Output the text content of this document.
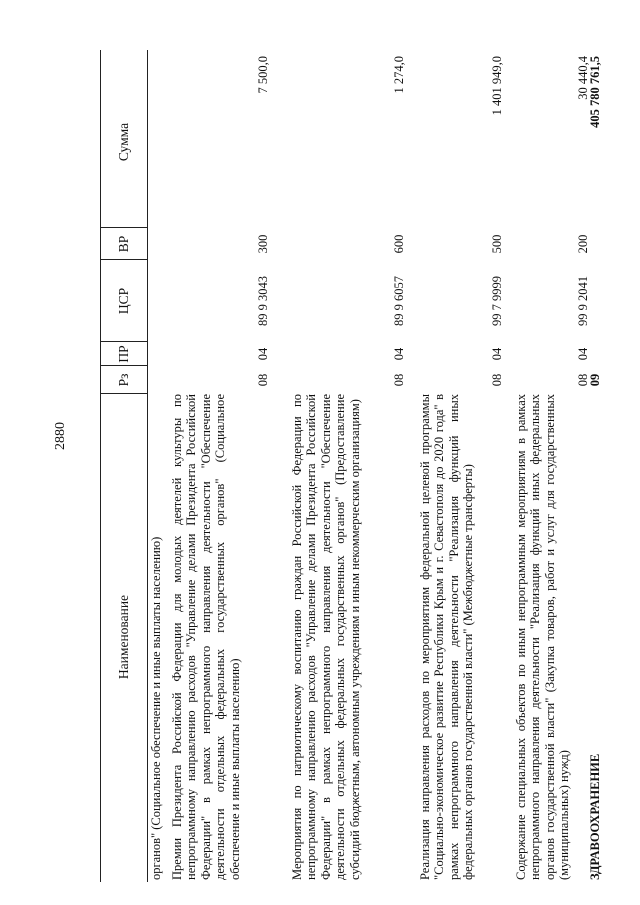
2880
Наименование
Рз
ПР
ЦСР
ВР
Сумма
органов" (Социальное обеспечение и иные выплаты населению) Премии Президента Российской Федерации для молодых деятелей культуры по непрограммному направлению расходов "Управление делами Президента Российской Федерации" в рамках непрограммного направления деятельности "Обеспечение деятельности отдельных федеральных государственных органов" (Социальное обеспечение и иные выплаты населению)
08
04
89 9 3043
300
7 500,0
Мероприятия по патриотическому воспитанию граждан Российской Федерации по непрограммному направлению расходов "Управление делами Президента Российской Федерации" в рамках непрограммного направления деятельности "Обеспечение деятельности отдельных федеральных государственных органов" (Предоставление субсидий бюджетным, автономным учреждениям и иным некоммерческим организациям)
08
04
89 9 6057
600
1 274,0
Реализация направления расходов по мероприятиям федеральной целевой программы "Социально-экономическое развитие Республики Крым и г. Севастополя до 2020 года" в рамках непрограммного направления деятельности "Реализация функций иных федеральных органов государственной власти" (Межбюджетные трансферты)
08
04
99 7 9999
500
1 401 949,0
Содержание специальных объектов по иным непрограммным мероприятиям в рамках непрограммного направления деятельности "Реализация функций иных федеральных органов государственной власти" (Закупка товаров, работ и услуг для государственных (муниципальных) нужд)
08
04
99 9 2041
200
30 440,4
ЗДРАВООХРАНЕНИЕ
09
405 780 761,5
